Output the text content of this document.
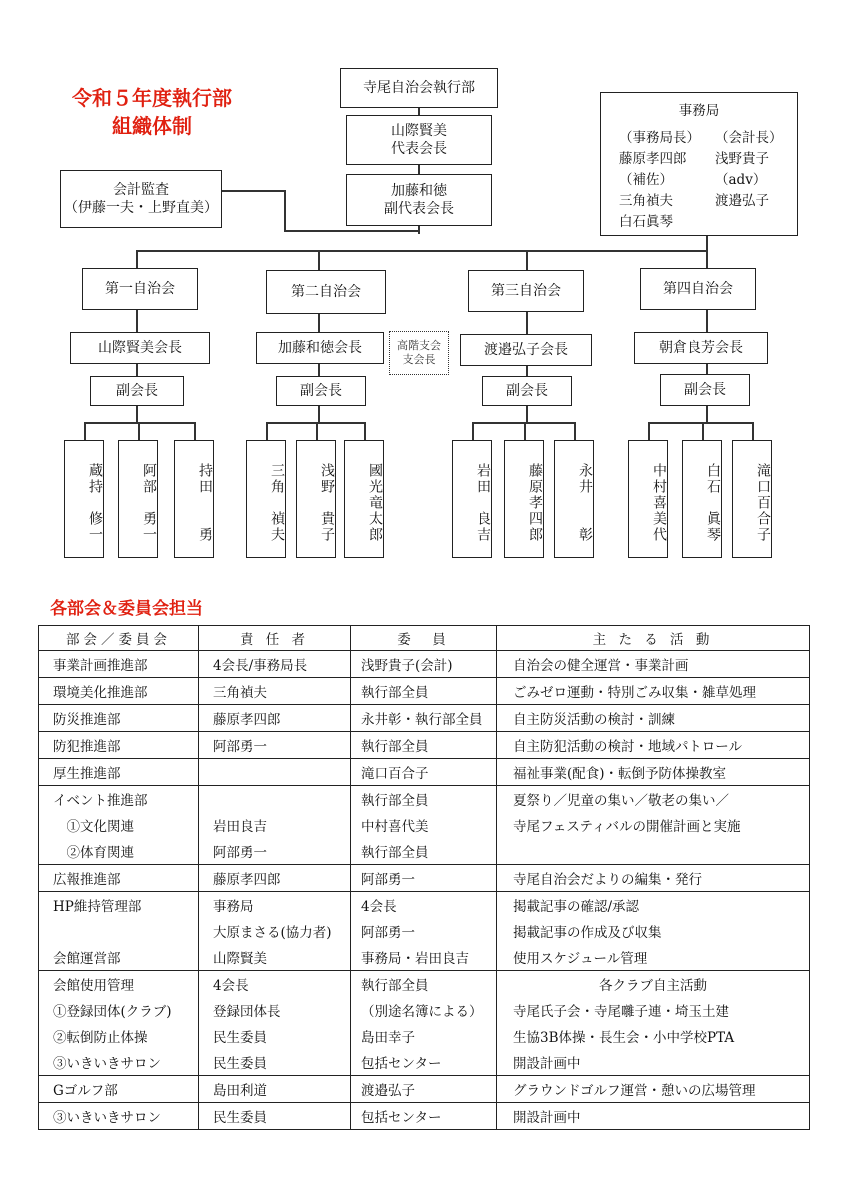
令和５年度執行部
組織体制
寺尾自治会執行部
山際賢美
代表会長
加藤和徳
副代表会長
会計監査
（伊藤一夫・上野直美）
事務局
（事務局長）	（会計長）
藤原孝四郎	浅野貴子
（補佐）	（adv）
三角禎夫	渡邉弘子
白石眞琴
第一自治会
山際賢美会長
副会長
蔵持　修一	阿部　勇一	持田　　勇
第二自治会
加藤和徳会長	高階支会
支会長
副会長
三角　禎夫 浅野　貴子 國光竜太郎
第三自治会
渡邉弘子会長
副会長
岩田　良吉	藤原孝四郎 永井　　彰
第四自治会
朝倉良芳会長
副会長
中村喜美代	白石　眞琴 滝口百合子
各部会＆委員会担当
部会／委員会	責 任 者	委　員	主 た る 活 動
事業計画推進部	4会長/事務局長	浅野貴子(会計)	自治会の健全運営・事業計画
環境美化推進部	三角禎夫	執行部全員	ごみゼロ運動・特別ごみ収集・雑草処理
防災推進部	藤原孝四郎	永井彰・執行部全員	自主防災活動の検討・訓練
防犯推進部	阿部勇一	執行部全員	自主防犯活動の検討・地域パトロール
厚生推進部		滝口百合子	福祉事業(配食)・転倒予防体操教室
イベント推進部		執行部全員	夏祭り／児童の集い／敬老の集い／
　①文化関連	岩田良吉	中村喜代美	寺尾フェスティバルの開催計画と実施
　②体育関連	阿部勇一	執行部全員	
広報推進部	藤原孝四郎	阿部勇一	寺尾自治会だよりの編集・発行
HP維持管理部	事務局	4会長	掲載記事の確認/承認
	大原まさる(協力者)	阿部勇一	掲載記事の作成及び収集
会館運営部	山際賢美	事務局・岩田良吉	使用スケジュール管理
会館使用管理	4会長	執行部全員	各クラブ自主活動
①登録団体(クラブ)	登録団体長	（別途名簿による）	寺尾氏子会・寺尾囃子連・埼玉土建
②転倒防止体操	民生委員	島田幸子	生協3B体操・長生会・小中学校PTA
③いきいきサロン	民生委員	包括センター	開設計画中
Gゴルフ部	島田利道	渡邉弘子	グラウンドゴルフ運営・憩いの広場管理
③いきいきサロン	民生委員	包括センター	開設計画中
